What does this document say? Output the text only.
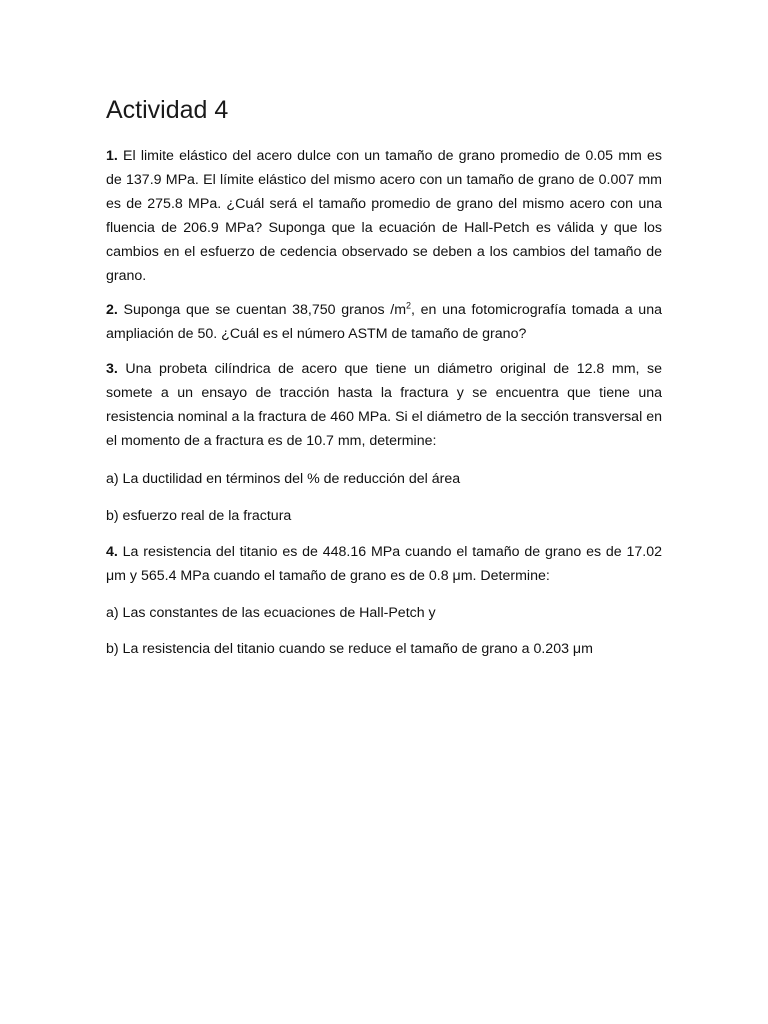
Actividad 4

1. El limite elástico del acero dulce con un tamaño de grano promedio de 0.05 mm es de 137.9 MPa. El límite elástico del mismo acero con un tamaño de grano de 0.007 mm es de 275.8 MPa. ¿Cuál será el tamaño promedio de grano del mismo acero con una fluencia de 206.9 MPa? Suponga que la ecuación de Hall-Petch es válida y que los cambios en el esfuerzo de cedencia observado se deben a los cambios del tamaño de grano.

2. Suponga que se cuentan 38,750 granos $/m^2$, en una fotomicrografía tomada a una ampliación de 50. ¿Cuál es el número ASTM de tamaño de grano?

3. Una probeta cilíndrica de acero que tiene un diámetro original de 12.8 mm, se somete a un ensayo de tracción hasta la fractura y se encuentra que tiene una resistencia nominal a la fractura de 460 MPa. Si el diámetro de la sección transversal en el momento de a fractura es de 10.7 mm, determine:

a) La ductilidad en términos del % de reducción del área

b) esfuerzo real de la fractura

4. La resistencia del titanio es de 448.16 MPa cuando el tamaño de grano es de 17.02 μm y 565.4 MPa cuando el tamaño de grano es de 0.8 μm. Determine:

a) Las constantes de las ecuaciones de Hall-Petch y

b) La resistencia del titanio cuando se reduce el tamaño de grano a 0.203 μm
